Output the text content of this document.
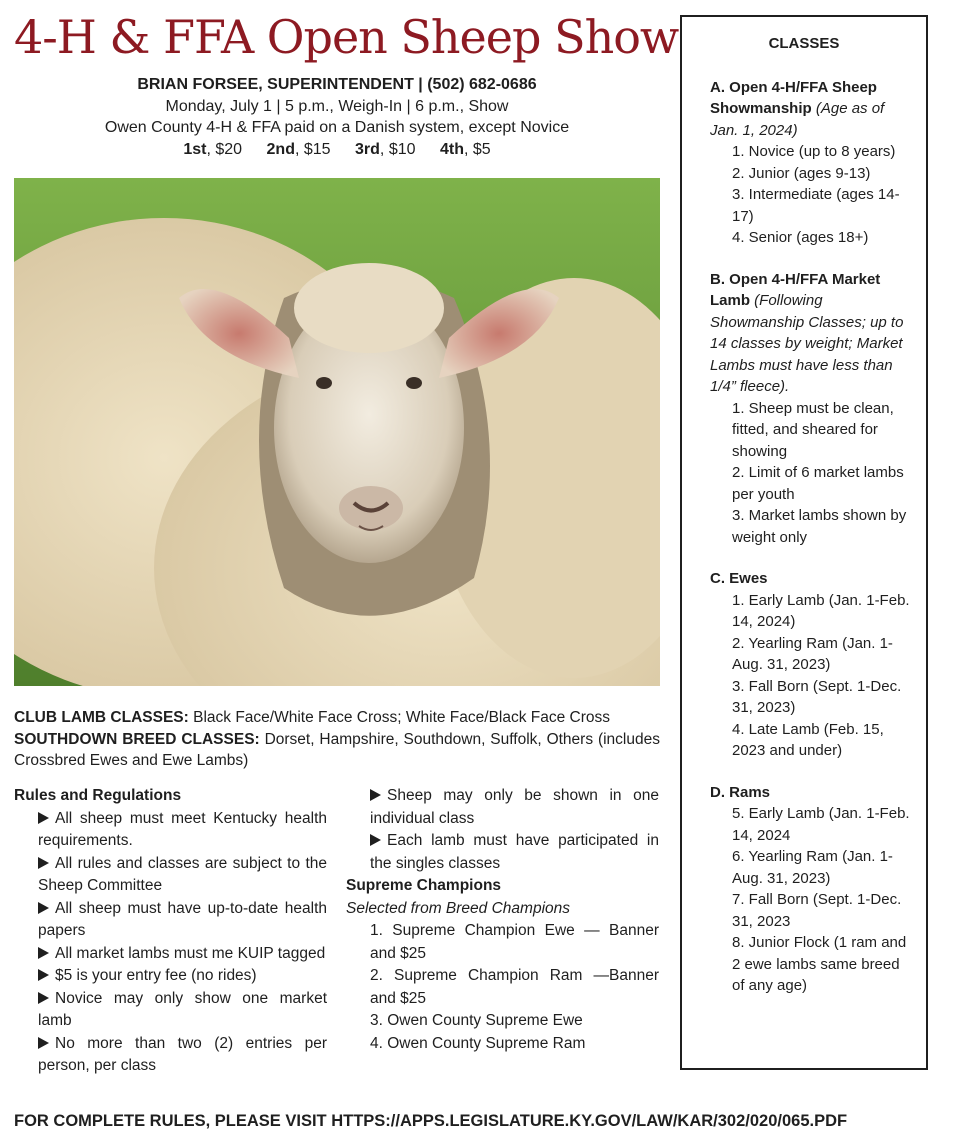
4-H & FFA Open Sheep Show
BRIAN FORSEE, SUPERINTENDENT | (502) 682-0686
Monday, July 1 | 5 p.m., Weigh-In | 6 p.m., Show
Owen County 4-H & FFA paid on a Danish system, except Novice
1st, $20 2nd, $15 3rd, $10 4th, $5
CLUB LAMB CLASSES: Black Face/White Face Cross; White Face/Black Face Cross
SOUTHDOWN BREED CLASSES: Dorset, Hampshire, Southdown, Suffolk, Others (includes Crossbred Ewes and Ewe Lambs)
Rules and Regulations
All sheep must meet Kentucky health requirements.
All rules and classes are subject to the Sheep Committee
All sheep must have up-to-date health papers
All market lambs must me KUIP tagged
$5 is your entry fee (no rides)
Novice may only show one market lamb
No more than two (2) entries per person, per class
Sheep may only be shown in one individual class
Each lamb must have participated in the singles classes
Supreme Champions
Selected from Breed Champions
1. Supreme Champion Ewe — Banner and $25
2. Supreme Champion Ram —Banner and $25
3. Owen County Supreme Ewe
4. Owen County Supreme Ram
CLASSES
A. Open 4-H/FFA Sheep Showmanship (Age as of Jan. 1, 2024)
1. Novice (up to 8 years)
2. Junior (ages 9-13)
3. Intermediate (ages 14-17)
4. Senior (ages 18+)
B. Open 4-H/FFA Market Lamb (Following Showmanship Classes; up to 14 classes by weight; Market Lambs must have less than 1/4” fleece).
1. Sheep must be clean, fitted, and sheared for showing
2. Limit of 6 market lambs per youth
3. Market lambs shown by weight only
C. Ewes
1. Early Lamb (Jan. 1-Feb. 14, 2024)
2. Yearling Ram (Jan. 1-Aug. 31, 2023)
3. Fall Born (Sept. 1-Dec. 31, 2023)
4. Late Lamb (Feb. 15, 2023 and under)
D. Rams
5. Early Lamb (Jan. 1-Feb. 14, 2024
6. Yearling Ram (Jan. 1-Aug. 31, 2023)
7. Fall Born (Sept. 1-Dec. 31, 2023
8. Junior Flock (1 ram and 2 ewe lambs same breed of any age)
FOR COMPLETE RULES, PLEASE VISIT HTTPS://APPS.LEGISLATURE.KY.GOV/LAW/KAR/302/020/065.PDF
